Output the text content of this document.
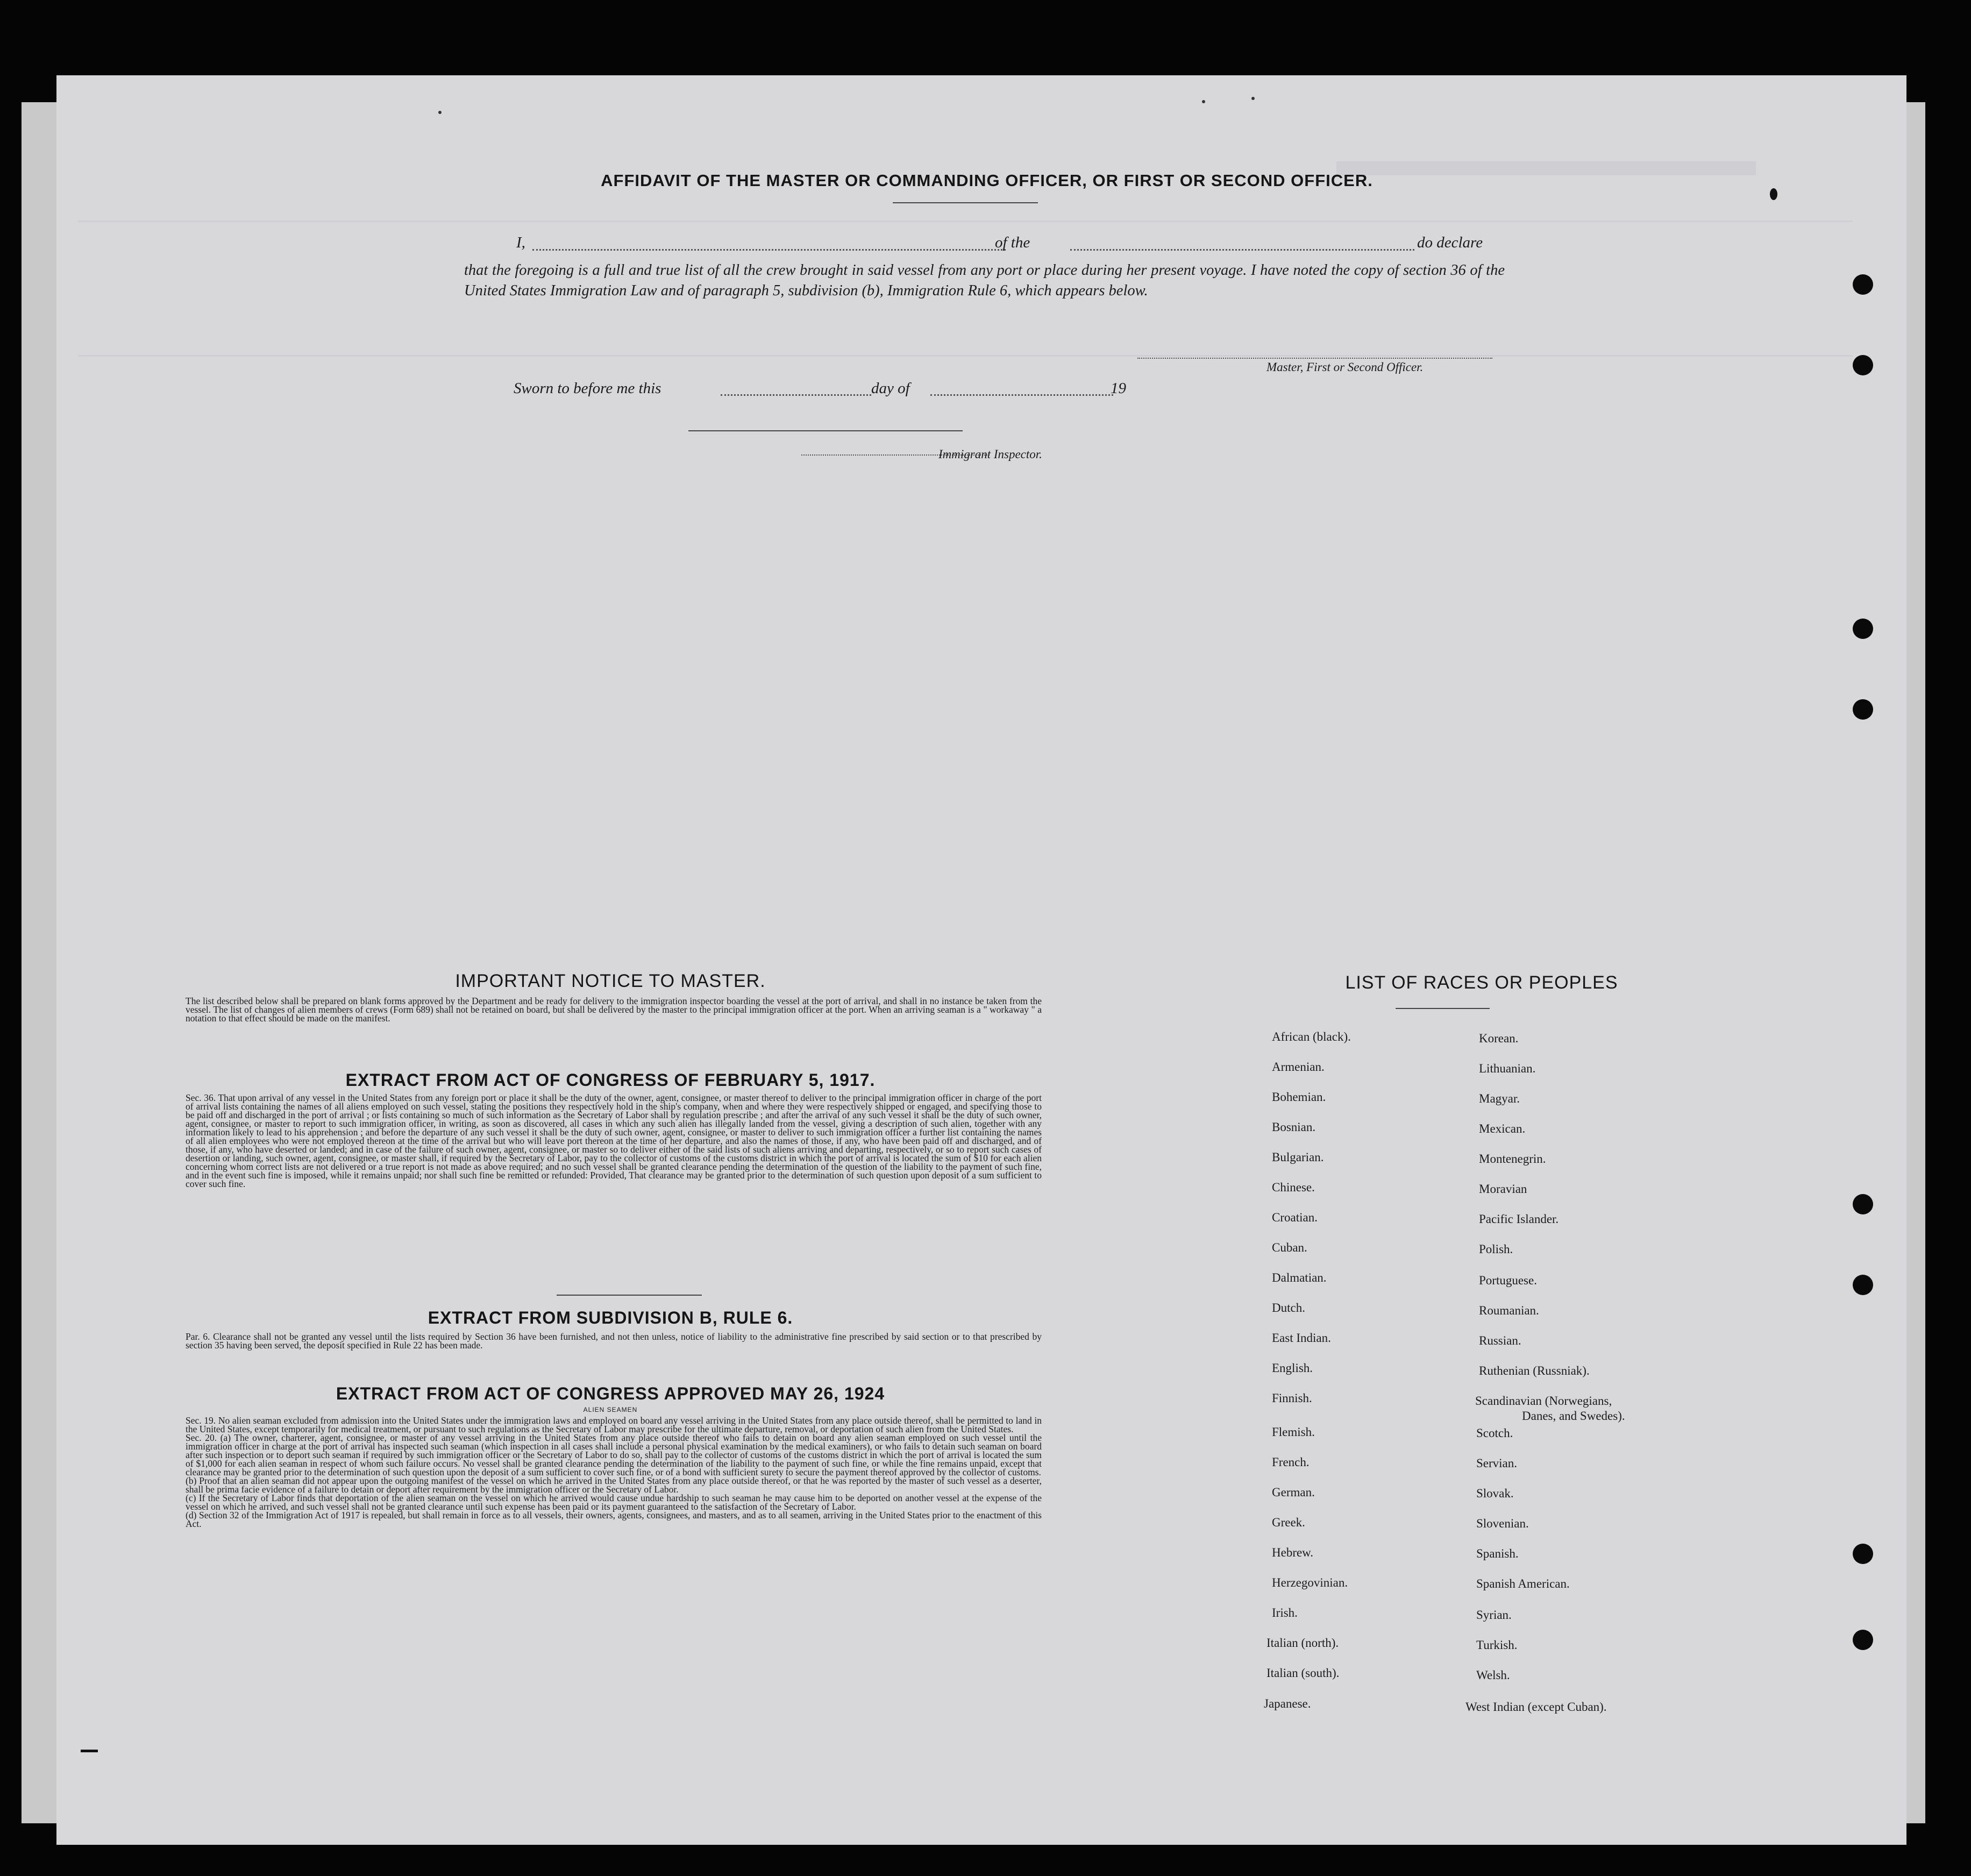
AFFIDAVIT OF THE MASTER OR COMMANDING OFFICER, OR FIRST OR SECOND OFFICER.
I,	of the	do declare
that the foregoing is a full and true list of all the crew brought in said vessel from any port or place during her present voyage. I have noted the copy of section 36 of the United States Immigration Law and of paragraph 5, subdivision (b), Immigration Rule 6, which appears below.
Master, First or Second Officer.
Sworn to before me this	day of	19
Immigrant Inspector.
IMPORTANT NOTICE TO MASTER.
The list described below shall be prepared on blank forms approved by the Department and be ready for delivery to the immigration inspector boarding the vessel at the port of arrival, and shall in no instance be taken from the vessel. The list of changes of alien members of crews (Form 689) shall not be retained on board, but shall be delivered by the master to the principal immigration officer at the port. When an arriving seaman is a " workaway " a notation to that effect should be made on the manifest.
EXTRACT FROM ACT OF CONGRESS OF FEBRUARY 5, 1917.
Sec. 36. That upon arrival of any vessel in the United States from any foreign port or place it shall be the duty of the owner, agent, consignee, or master thereof to deliver to the principal immigration officer in charge of the port of arrival lists containing the names of all aliens employed on such vessel, stating the positions they respectively hold in the ship's company, when and where they were respectively shipped or engaged, and specifying those to be paid off and discharged in the port of arrival ; or lists containing so much of such information as the Secretary of Labor shall by regulation prescribe ; and after the arrival of any such vessel it shall be the duty of such owner, agent, consignee, or master to report to such immigration officer, in writing, as soon as discovered, all cases in which any such alien has illegally landed from the vessel, giving a description of such alien, together with any information likely to lead to his apprehension ; and before the departure of any such vessel it shall be the duty of such owner, agent, consignee, or master to deliver to such immigration officer a further list containing the names of all alien employees who were not employed thereon at the time of the arrival but who will leave port thereon at the time of her departure, and also the names of those, if any, who have been paid off and discharged, and of those, if any, who have deserted or landed; and in case of the failure of such owner, agent, consignee, or master so to deliver either of the said lists of such aliens arriving and departing, respectively, or so to report such cases of desertion or landing, such owner, agent, consignee, or master shall, if required by the Secretary of Labor, pay to the collector of customs of the customs district in which the port of arrival is located the sum of $10 for each alien concerning whom correct lists are not delivered or a true report is not made as above required; and no such vessel shall be granted clearance pending the determination of the question of the liability to the payment of such fine, and in the event such fine is imposed, while it remains unpaid; nor shall such fine be remitted or refunded: Provided, That clearance may be granted prior to the determination of such question upon deposit of a sum sufficient to cover such fine.
EXTRACT FROM SUBDIVISION B, RULE 6.
Par. 6. Clearance shall not be granted any vessel until the lists required by Section 36 have been furnished, and not then unless, notice of liability to the administrative fine prescribed by said section or to that prescribed by section 35 having been served, the deposit specified in Rule 22 has been made.
EXTRACT FROM ACT OF CONGRESS APPROVED MAY 26, 1924
ALIEN SEAMEN
Sec. 19. No alien seaman excluded from admission into the United States under the immigration laws and employed on board any vessel arriving in the United States from any place outside thereof, shall be permitted to land in the United States, except temporarily for medical treatment, or pursuant to such regulations as the Secretary of Labor may prescribe for the ultimate departure, removal, or deportation of such alien from the United States.
Sec. 20. (a) The owner, charterer, agent, consignee, or master of any vessel arriving in the United States from any place outside thereof who fails to detain on board any alien seaman employed on such vessel until the immigration officer in charge at the port of arrival has inspected such seaman (which inspection in all cases shall include a personal physical examination by the medical examiners), or who fails to detain such seaman on board after such inspection or to deport such seaman if required by such immigration officer or the Secretary of Labor to do so, shall pay to the collector of customs of the customs district in which the port of arrival is located the sum of $1,000 for each alien seaman in respect of whom such failure occurs. No vessel shall be granted clearance pending the determination of the liability to the payment of such fine, or while the fine remains unpaid, except that clearance may be granted prior to the determination of such question upon the deposit of a sum sufficient to cover such fine, or of a bond with sufficient surety to secure the payment thereof approved by the collector of customs.
(b) Proof that an alien seaman did not appear upon the outgoing manifest of the vessel on which he arrived in the United States from any place outside thereof, or that he was reported by the master of such vessel as a deserter, shall be prima facie evidence of a failure to detain or deport after requirement by the immigration officer or the Secretary of Labor.
(c) If the Secretary of Labor finds that deportation of the alien seaman on the vessel on which he arrived would cause undue hardship to such seaman he may cause him to be deported on another vessel at the expense of the vessel on which he arrived, and such vessel shall not be granted clearance until such expense has been paid or its payment guaranteed to the satisfaction of the Secretary of Labor.
(d) Section 32 of the Immigration Act of 1917 is repealed, but shall remain in force as to all vessels, their owners, agents, consignees, and masters, and as to all seamen, arriving in the United States prior to the enactment of this Act.
LIST OF RACES OR PEOPLES
African (black).
Armenian.
Bohemian.
Bosnian.
Bulgarian.
Chinese.
Croatian.
Cuban.
Dalmatian.
Dutch.
East Indian.
English.
Finnish.
Flemish.
French.
German.
Greek.
Hebrew.
Herzegovinian.
Irish.
Italian (north).
Italian (south).
Japanese.
Korean.
Lithuanian.
Magyar.
Mexican.
Montenegrin.
Moravian
Pacific Islander.
Polish.
Portuguese.
Roumanian.
Russian.
Ruthenian (Russniak).
Scandinavian (Norwegians,
Danes, and Swedes).
Scotch.
Servian.
Slovak.
Slovenian.
Spanish.
Spanish American.
Syrian.
Turkish.
Welsh.
West Indian (except Cuban).
